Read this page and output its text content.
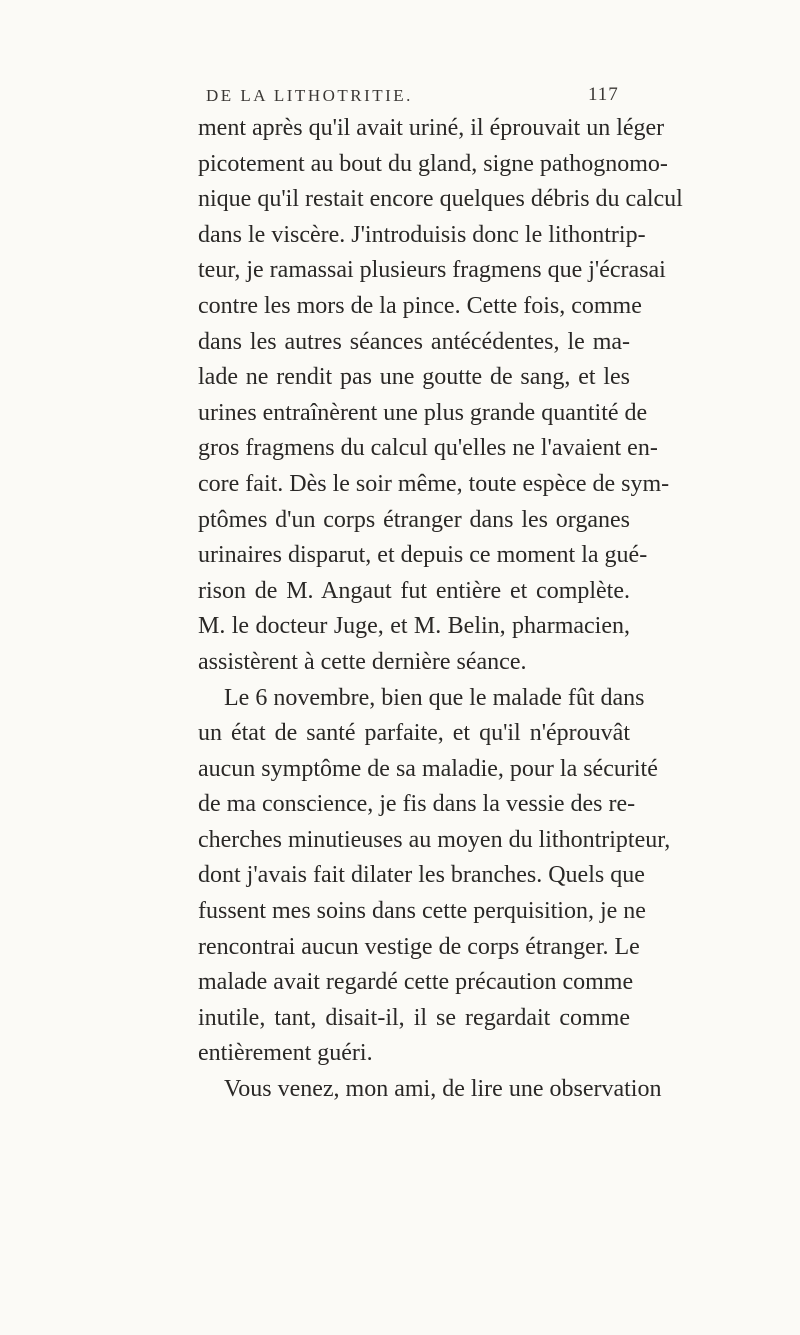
DE LA LITHOTRITIE.	117
ment après qu'il avait uriné, il éprouvait un léger
picotement au bout du gland, signe pathognomo-
nique qu'il restait encore quelques débris du calcul
dans le viscère. J'introduisis donc le lithontrip-
teur, je ramassai plusieurs fragmens que j'écrasai
contre les mors de la pince. Cette fois, comme
dans les autres séances antécédentes, le ma-
lade ne rendit pas une goutte de sang, et les
urines entraînèrent une plus grande quantité de
gros fragmens du calcul qu'elles ne l'avaient en-
core fait. Dès le soir même, toute espèce de sym-
ptômes d'un corps étranger dans les organes
urinaires disparut, et depuis ce moment la gué-
rison de M. Angaut fut entière et complète.
M. le docteur Juge, et M. Belin, pharmacien,
assistèrent à cette dernière séance.
Le 6 novembre, bien que le malade fût dans
un état de santé parfaite, et qu'il n'éprouvât
aucun symptôme de sa maladie, pour la sécurité
de ma conscience, je fis dans la vessie des re-
cherches minutieuses au moyen du lithontripteur,
dont j'avais fait dilater les branches. Quels que
fussent mes soins dans cette perquisition, je ne
rencontrai aucun vestige de corps étranger. Le
malade avait regardé cette précaution comme
inutile, tant, disait-il, il se regardait comme
entièrement guéri.
Vous venez, mon ami, de lire une observation
